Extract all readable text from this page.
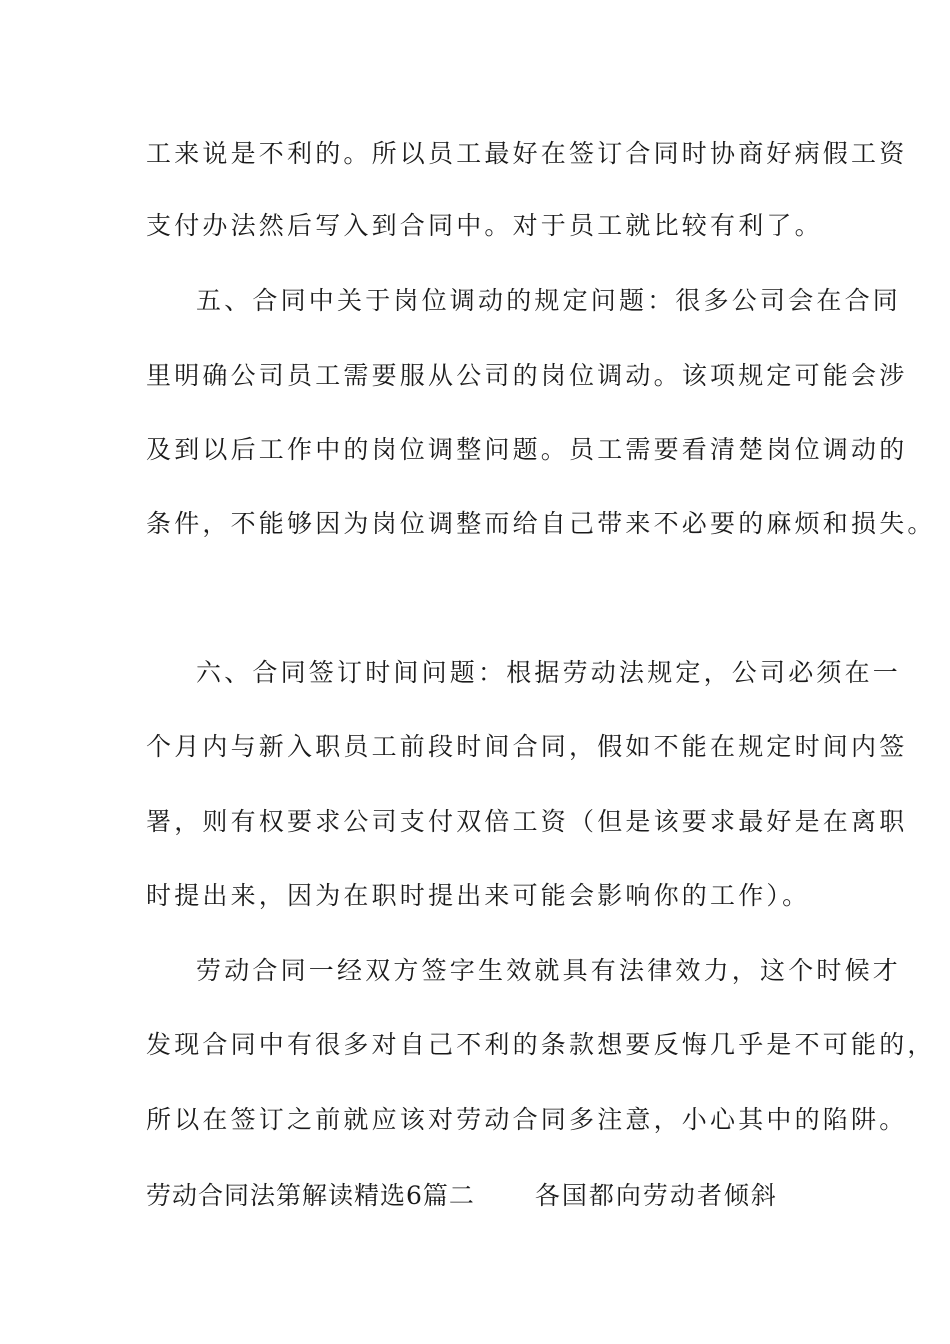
工来说是不利的。所以员工最好在签订合同时协商好病假工资

支付办法然后写入到合同中。对于员工就比较有利了。

五、合同中关于岗位调动的规定问题：很多公司会在合同

里明确公司员工需要服从公司的岗位调动。该项规定可能会涉

及到以后工作中的岗位调整问题。员工需要看清楚岗位调动的

条件，不能够因为岗位调整而给自己带来不必要的麻烦和损失。

六、合同签订时间问题：根据劳动法规定，公司必须在一

个月内与新入职员工前段时间合同，假如不能在规定时间内签

署，则有权要求公司支付双倍工资（但是该要求最好是在离职

时提出来，因为在职时提出来可能会影响你的工作）。

劳动合同一经双方签字生效就具有法律效力，这个时候才

发现合同中有很多对自己不利的条款想要反悔几乎是不可能的，

所以在签订之前就应该对劳动合同多注意，小心其中的陷阱。

劳动合同法第解读精选6篇二 各国都向劳动者倾斜
